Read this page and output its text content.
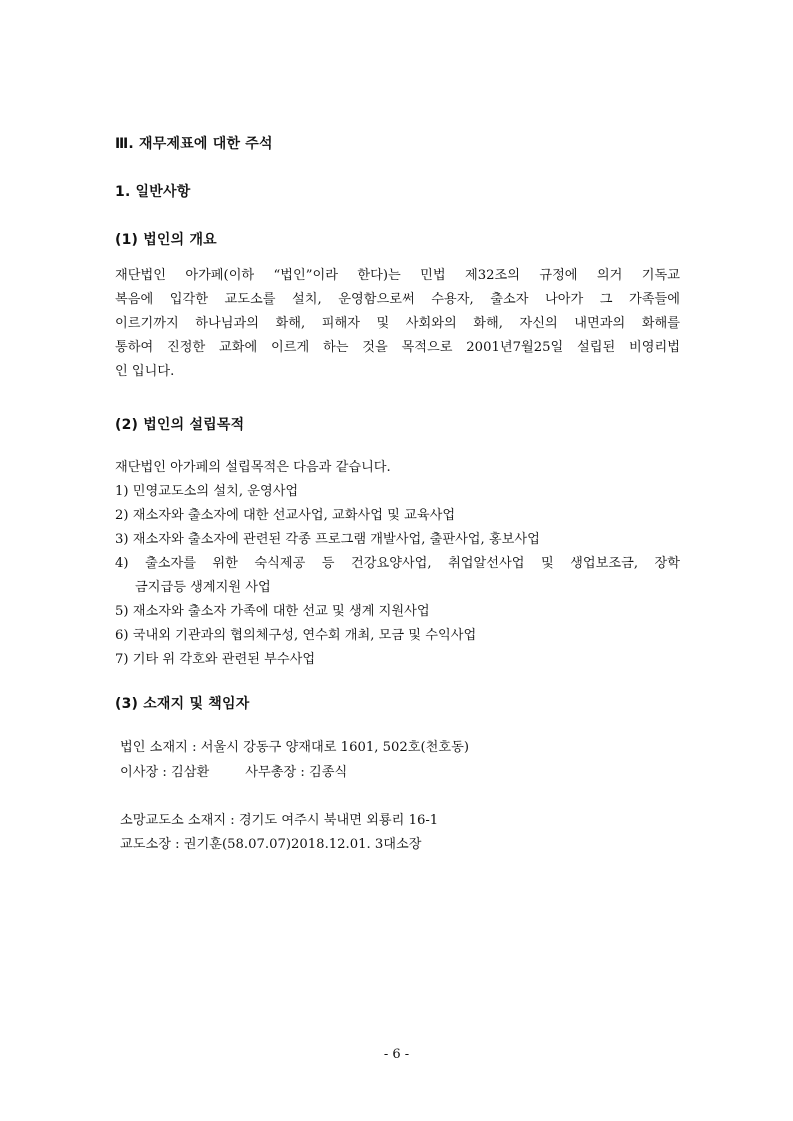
Ⅲ. 재무제표에 대한 주석
1. 일반사항
(1) 법인의 개요
재단법인 아가페(이하 “법인”이라 한다)는 민법 제32조의 규정에 의거 기독교
복음에 입각한 교도소를 설치, 운영함으로써 수용자, 출소자 나아가 그 가족들에
이르기까지 하나님과의 화해, 피해자 및 사회와의 화해, 자신의 내면과의 화해를
통하여 진정한 교화에 이르게 하는 것을 목적으로 2001년7월25일 설립된 비영리법
인 입니다.
(2) 법인의 설립목적
재단법인 아가페의 설립목적은 다음과 같습니다.
1) 민영교도소의 설치, 운영사업
2) 재소자와 출소자에 대한 선교사업, 교화사업 및 교육사업
3) 재소자와 출소자에 관련된 각종 프로그램 개발사업, 출판사업, 홍보사업
4) 출소자를 위한 숙식제공 등 건강요양사업, 취업알선사업 및 생업보조금, 장학
금지급등 생계지원 사업
5) 재소자와 출소자 가족에 대한 선교 및 생계 지원사업
6) 국내외 기관과의 협의체구성, 연수회 개최, 모금 및 수익사업
7) 기타 위 각호와 관련된 부수사업
(3) 소재지 및 책임자

법인 소재지 : 서울시 강동구 양재대로 1601, 502호(천호동)

이사장 : 김삼환	사무총장 : 김종식

소망교도소 소재지 : 경기도 여주시 북내면 외룡리 16-1

교도소장 : 권기훈(58.07.07)2018.12.01. 3대소장

- 6 -
